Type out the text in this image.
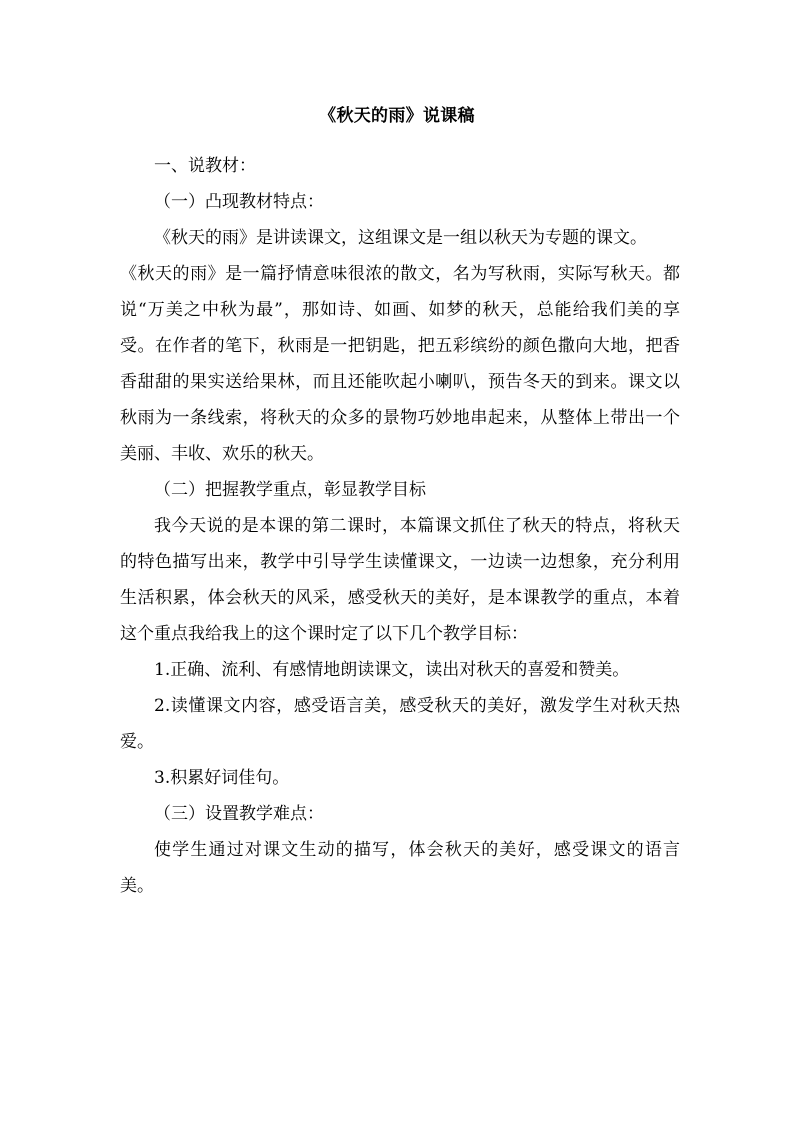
《秋天的雨》说课稿

一、说教材：

（一）凸现教材特点：

《秋天的雨》是讲读课文，这组课文是一组以秋天为专题的课文。

《秋天的雨》是一篇抒情意味很浓的散文，名为写秋雨，实际写秋天。都说“万美之中秋为最”，那如诗、如画、如梦的秋天，总能给我们美的享受。在作者的笔下，秋雨是一把钥匙，把五彩缤纷的颜色撒向大地，把香香甜甜的果实送给果林，而且还能吹起小喇叭，预告冬天的到来。课文以秋雨为一条线索，将秋天的众多的景物巧妙地串起来，从整体上带出一个美丽、丰收、欢乐的秋天。

（二）把握教学重点，彰显教学目标

我今天说的是本课的第二课时，本篇课文抓住了秋天的特点，将秋天的特色描写出来，教学中引导学生读懂课文，一边读一边想象，充分利用生活积累，体会秋天的风采，感受秋天的美好，是本课教学的重点，本着这个重点我给我上的这个课时定了以下几个教学目标：

1.正确、流利、有感情地朗读课文，读出对秋天的喜爱和赞美。

2.读懂课文内容，感受语言美，感受秋天的美好，激发学生对秋天热爱。

3.积累好词佳句。

（三）设置教学难点：

使学生通过对课文生动的描写，体会秋天的美好，感受课文的语言美。
